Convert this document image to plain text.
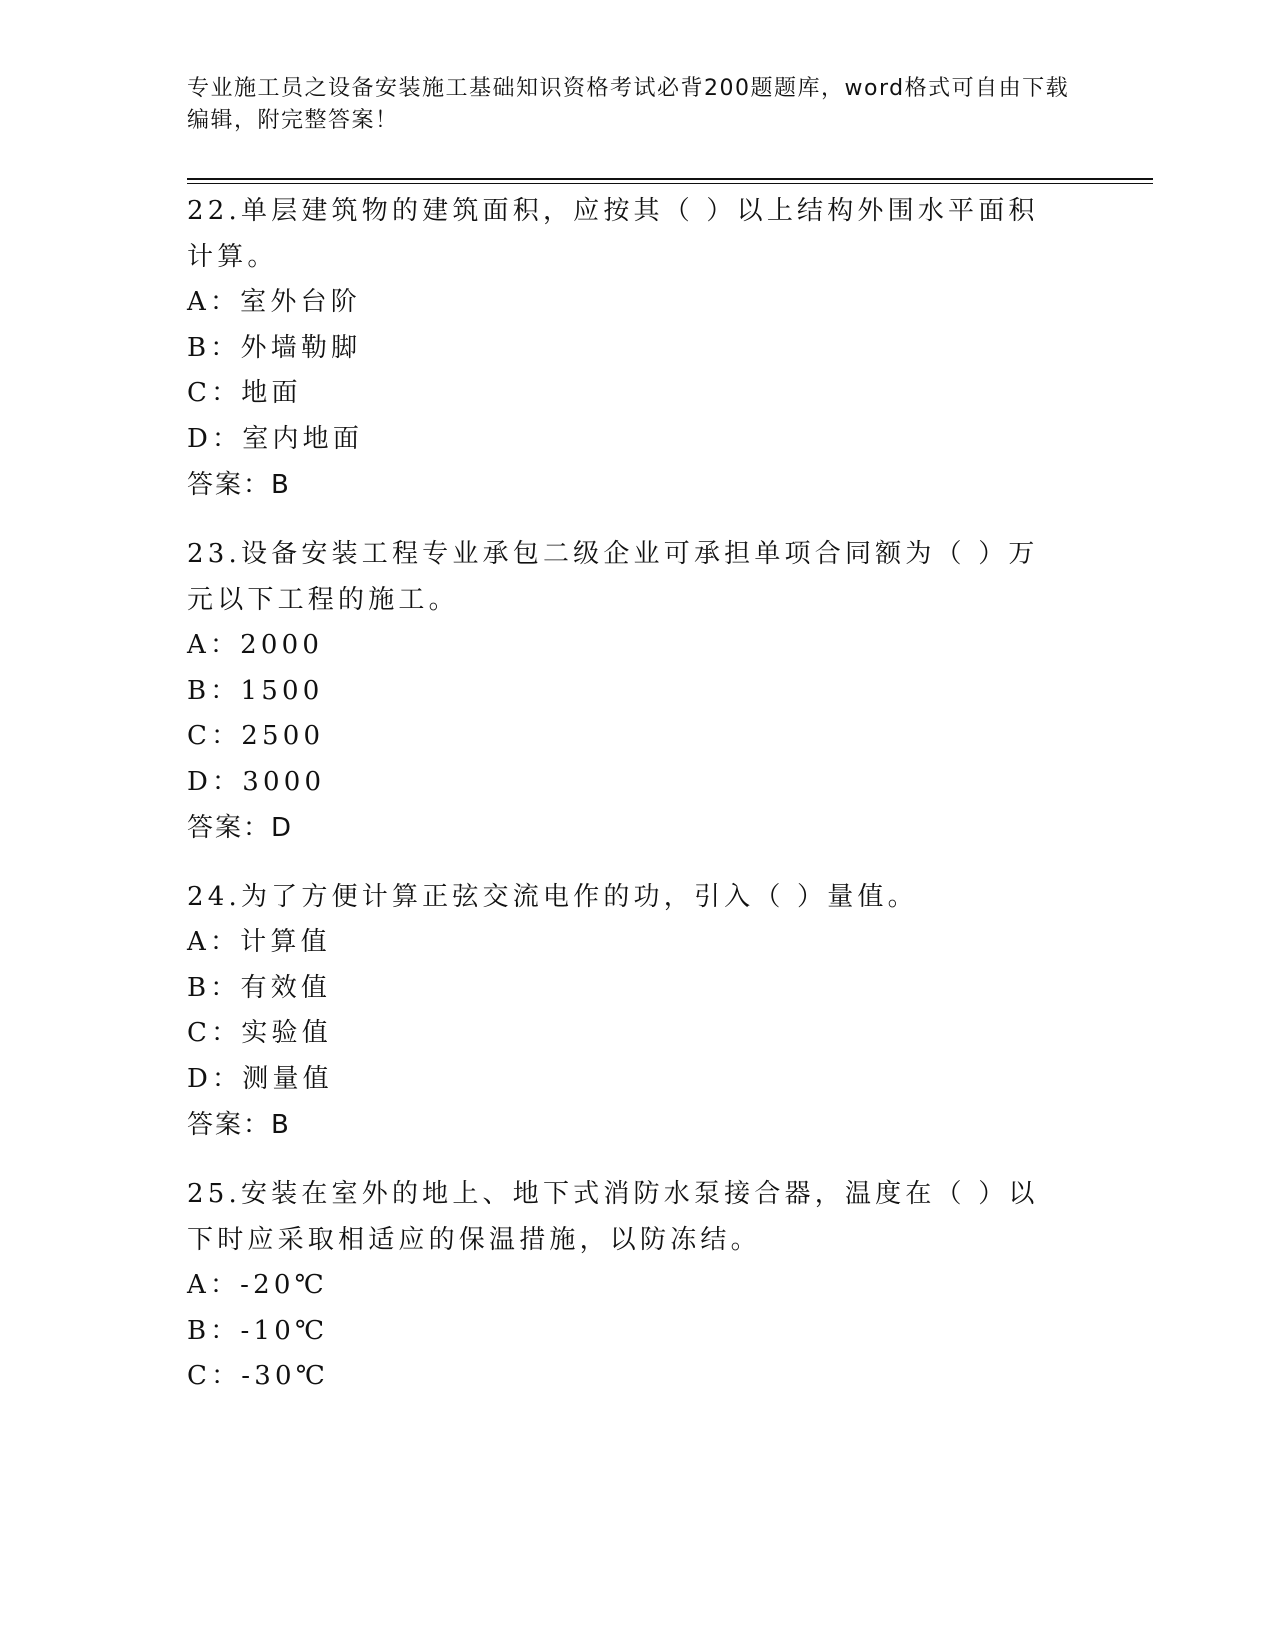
专业施工员之设备安装施工基础知识资格考试必背200题题库，word格式可自由下载编辑，附完整答案！

22.单层建筑物的建筑面积，应按其（ ）以上结构外围水平面积计算。

A：室外台阶

B：外墙勒脚

C：地面

D：室内地面

答案：B

23.设备安装工程专业承包二级企业可承担单项合同额为（ ）万元以下工程的施工。

A：2000

B：1500

C：2500

D：3000

答案：D

24.为了方便计算正弦交流电作的功，引入（ ）量值。

A：计算值

B：有效值

C：实验值

D：测量值

答案：B

25.安装在室外的地上、地下式消防水泵接合器，温度在（ ）以下时应采取相适应的保温措施，以防冻结。

A：-20℃

B：-10℃

C：-30℃
